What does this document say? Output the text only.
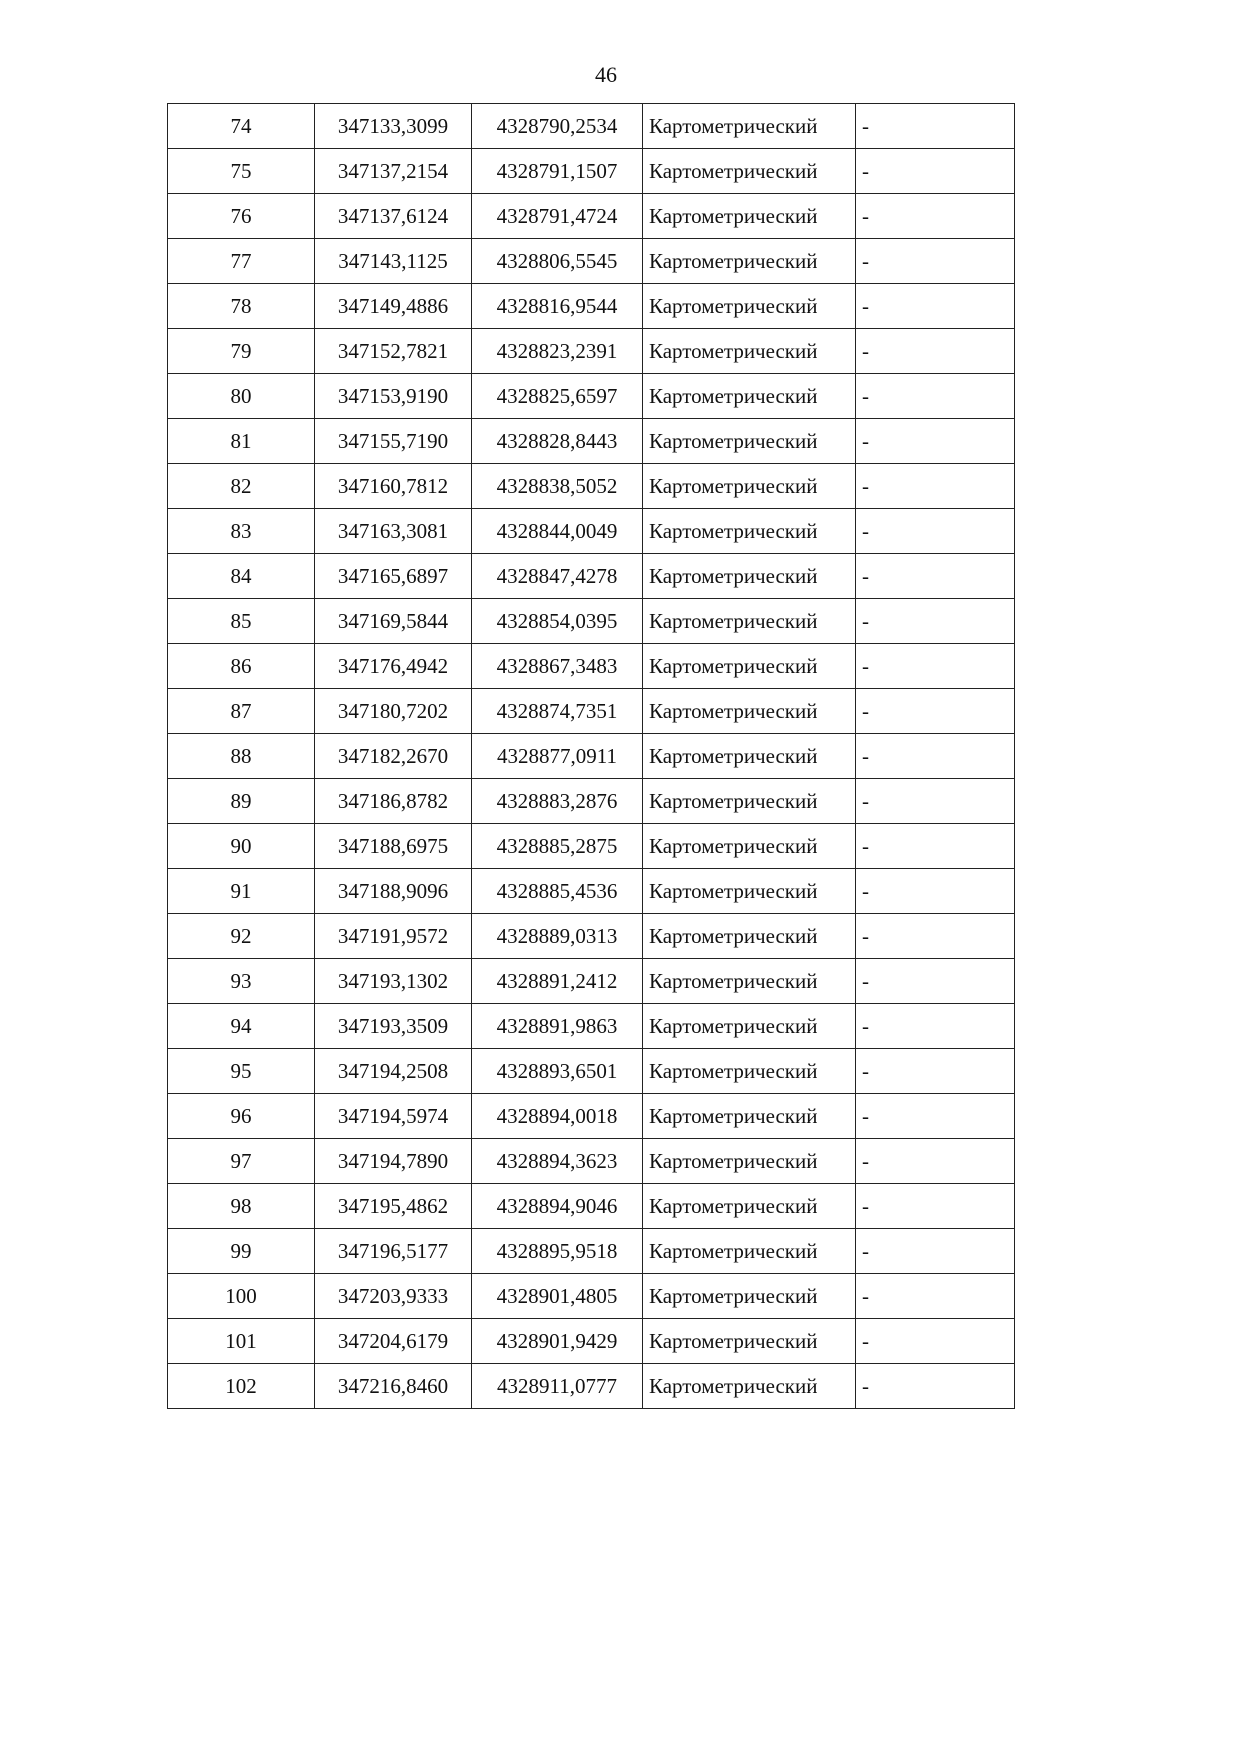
46
74	347133,3099	4328790,2534	Картометрический	-
75	347137,2154	4328791,1507	Картометрический	-
76	347137,6124	4328791,4724	Картометрический	-
77	347143,1125	4328806,5545	Картометрический	-
78	347149,4886	4328816,9544	Картометрический	-
79	347152,7821	4328823,2391	Картометрический	-
80	347153,9190	4328825,6597	Картометрический	-
81	347155,7190	4328828,8443	Картометрический	-
82	347160,7812	4328838,5052	Картометрический	-
83	347163,3081	4328844,0049	Картометрический	-
84	347165,6897	4328847,4278	Картометрический	-
85	347169,5844	4328854,0395	Картометрический	-
86	347176,4942	4328867,3483	Картометрический	-
87	347180,7202	4328874,7351	Картометрический	-
88	347182,2670	4328877,0911	Картометрический	-
89	347186,8782	4328883,2876	Картометрический	-
90	347188,6975	4328885,2875	Картометрический	-
91	347188,9096	4328885,4536	Картометрический	-
92	347191,9572	4328889,0313	Картометрический	-
93	347193,1302	4328891,2412	Картометрический	-
94	347193,3509	4328891,9863	Картометрический	-
95	347194,2508	4328893,6501	Картометрический	-
96	347194,5974	4328894,0018	Картометрический	-
97	347194,7890	4328894,3623	Картометрический	-
98	347195,4862	4328894,9046	Картометрический	-
99	347196,5177	4328895,9518	Картометрический	-
100	347203,9333	4328901,4805	Картометрический	-
101	347204,6179	4328901,9429	Картометрический	-
102	347216,8460	4328911,0777	Картометрический	-
